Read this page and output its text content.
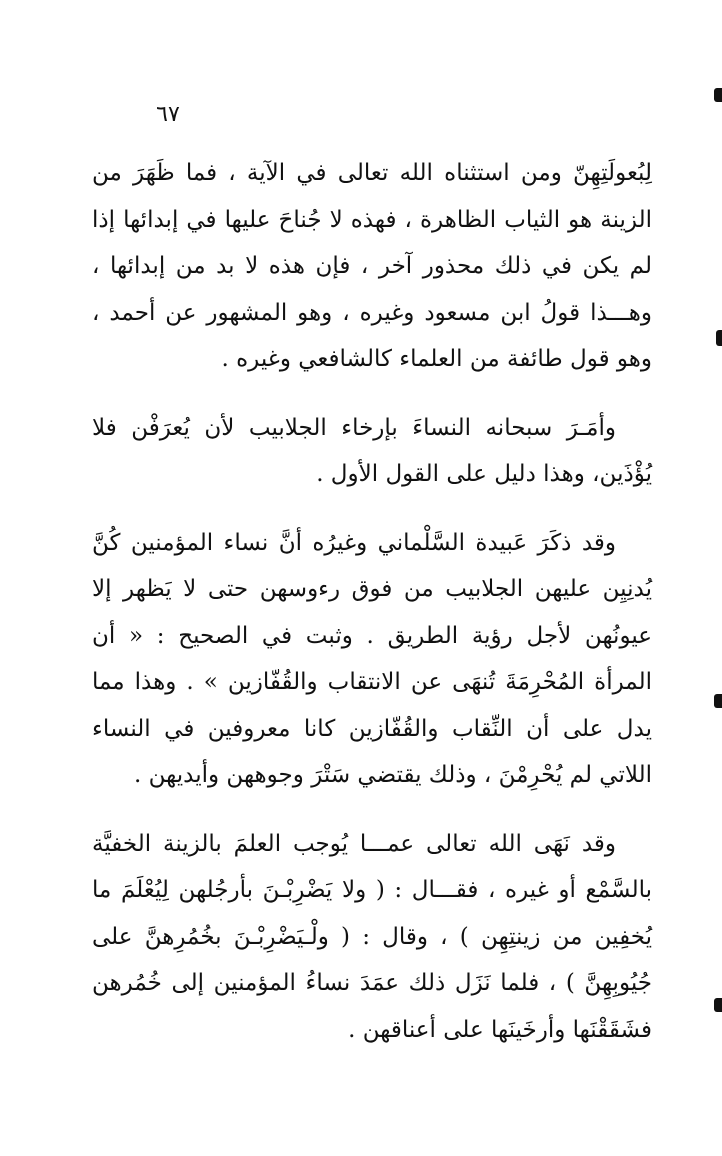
٦٧

لِبُعولَتِهِنّ ومن استثناه الله تعالى في الآية ، فما ظَهَرَ من الزينة هو الثياب الظاهرة ، فهذه لا جُناحَ عليها في إبدائها إذا لم يكن في ذلك محذور آخر ، فإن هذه لا بد من إبدائها ، وهـــذا قولُ ابن مسعود وغيره ، وهو المشهور عن أحمد ، وهو قول طائفة من العلماء كالشافعي وغيره .

وأمَـرَ سبحانه النساءَ بإرخاء الجلابيب لأن يُعرَفْن فلا يُؤْذَين، وهذا دليل على القول الأول .

وقد ذكَرَ عَبيدة السَّلْماني وغيرُه أنَّ نساء المؤمنين كُنَّ يُدنِيِن عليهن الجلابيب من فوق رءوسهن حتى لا يَظهر إلا عيونُهن لأجل رؤية الطريق . وثبت في الصحيح : « أن المرأة المُحْرِمَةَ تُنهَى عن الانتقاب والقُفّازين » . وهذا مما يدل على أن النِّقاب والقُفّازين كانا معروفين في النساء اللاتي لم يُحْرِمْنَ ، وذلك يقتضي سَتْرَ وجوههن وأيديهن .

وقد نَهَى الله تعالى عمـــا يُوجب العلمَ بالزينة الخفيَّة بالسَّمْع أو غيره ، فقـــال : ( ولا يَضْرِبْـنَ بأرجُلهن لِيُعْلَمَ ما يُخفِين من زينتِهِن ) ، وقال : ( ولْـيَضْرِبْـنَ بخُمُرِهنَّ على جُيُوبِهِنَّ ) ، فلما نَزَل ذلك عمَدَ نساءُ المؤمنين إلى خُمُرهن فشَقَقْنَها وأرخَينَها على أعناقهن .
